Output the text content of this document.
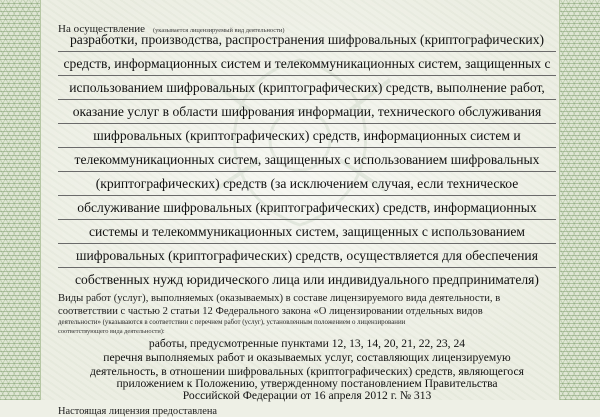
На осуществление (указывается лицензируемый вид деятельности)
разработки, производства, распространения шифровальных (криптографических)
средств, информационных систем и телекоммуникационных систем, защищенных с
использованием шифровальных (криптографических) средств, выполнение работ,
оказание услуг в области шифрования информации, технического обслуживания
шифровальных (криптографических) средств, информационных систем и
телекоммуникационных систем, защищенных с использованием шифровальных
(криптографических) средств (за исключением случая, если техническое
обслуживание шифровальных (криптографических) средств, информационных
системы и телекоммуникационных систем, защищенных с использованием
шифровальных (криптографических) средств, осуществляется для обеспечения
собственных нужд юридического лица или индивидуального предпринимателя)
Виды работ (услуг), выполняемых (оказываемых) в составе лицензируемого вида деятельности, в
соответствии с частью 2 статьи 12 Федерального закона «О лицензировании отдельных видов
деятельности» (указываются в соответствии с перечнем работ (услуг), установленным положением о лицензировании
соответствующего вида деятельности):
работы, предусмотренные пунктами 12, 13, 14, 20, 21, 22, 23, 24
перечня выполняемых работ и оказываемых услуг, составляющих лицензируемую
деятельность, в отношении шифровальных (криптографических) средств, являющегося
приложением к Положению, утвержденному постановлением Правительства
Российской Федерации от 16 апреля 2012 г. № 313
Настоящая лицензия предоставлена
